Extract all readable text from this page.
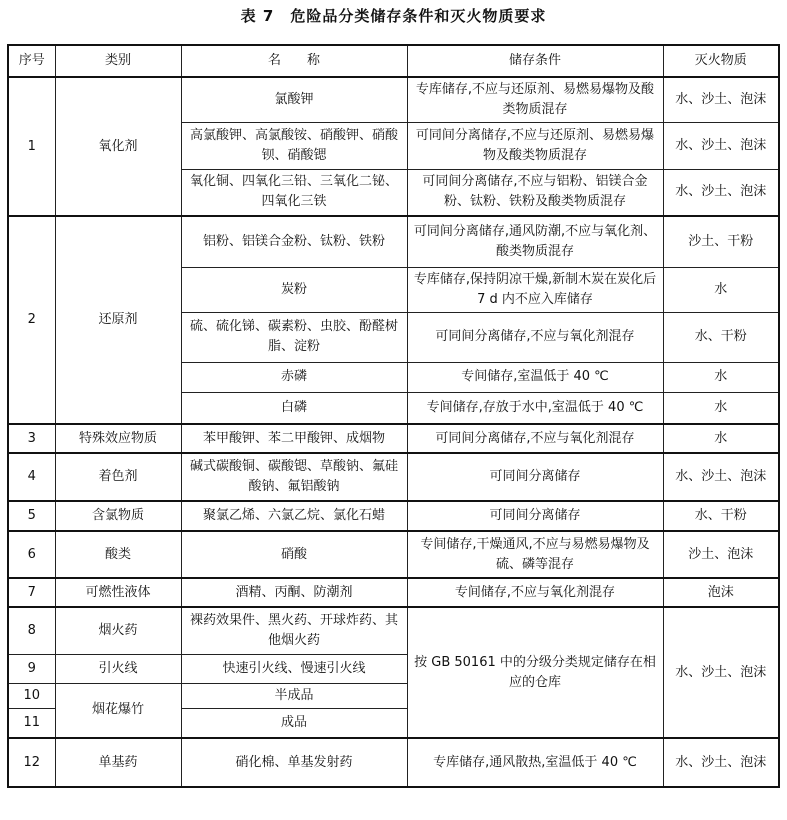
表 7　危险品分类储存条件和灭火物质要求
序号	类别	名　　称	储存条件	灭火物质
1	氧化剂	氯酸钾	专库储存,不应与还原剂、易燃易爆物及酸类物质混存	水、沙土、泡沫
		高氯酸钾、高氯酸铵、硝酸钾、硝酸钡、硝酸锶	可同间分离储存,不应与还原剂、易燃易爆物及酸类物质混存	水、沙土、泡沫
		氧化铜、四氧化三铅、三氧化二铋、四氧化三铁	可同间分离储存,不应与铝粉、铝镁合金粉、钛粉、铁粉及酸类物质混存	水、沙土、泡沫
2	还原剂	铝粉、铝镁合金粉、钛粉、铁粉	可同间分离储存,通风防潮,不应与氧化剂、酸类物质混存	沙土、干粉
		炭粉	专库储存,保持阴凉干燥,新制木炭在炭化后 7 d 内不应入库储存	水
		硫、硫化锑、碳素粉、虫胶、酚醛树脂、淀粉	可同间分离储存,不应与氧化剂混存	水、干粉
		赤磷	专间储存,室温低于 40 ℃	水
		白磷	专间储存,存放于水中,室温低于 40 ℃	水
3	特殊效应物质	苯甲酸钾、苯二甲酸钾、成烟物	可同间分离储存,不应与氧化剂混存	水
4	着色剂	碱式碳酸铜、碳酸锶、草酸钠、氟硅酸钠、氟铝酸钠	可同间分离储存	水、沙土、泡沫
5	含氯物质	聚氯乙烯、六氯乙烷、氯化石蜡	可同间分离储存	水、干粉
6	酸类	硝酸	专间储存,干燥通风,不应与易燃易爆物及硫、磷等混存	沙土、泡沫
7	可燃性液体	酒精、丙酮、防潮剂	专间储存,不应与氧化剂混存	泡沫
8	烟火药	裸药效果件、黑火药、开球炸药、其他烟火药	按 GB 50161 中的分级分类规定储存在相应的仓库	水、沙土、泡沫
9	引火线	快速引火线、慢速引火线		
10	烟花爆竹	半成品		
11		成品		
12	单基药	硝化棉、单基发射药	专库储存,通风散热,室温低于 40 ℃	水、沙土、泡沫
